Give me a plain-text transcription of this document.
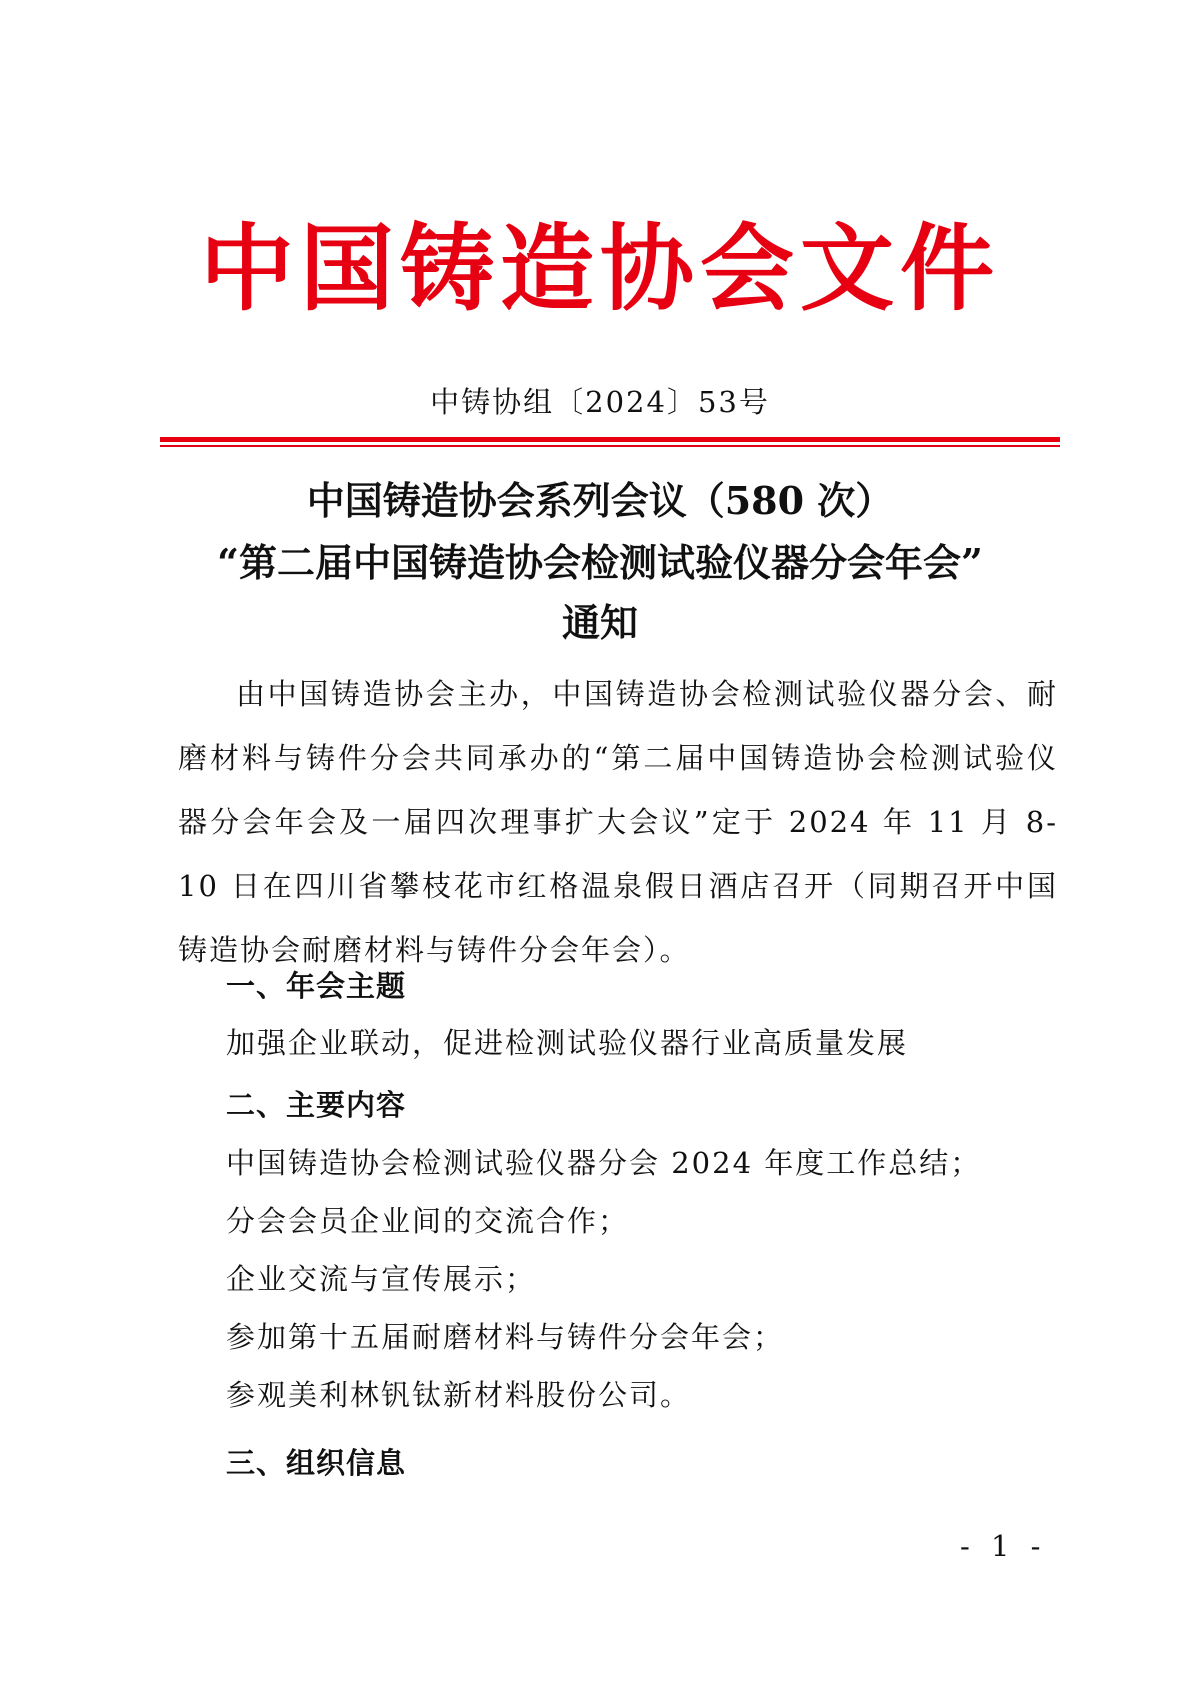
中国铸造协会文件
中铸协组〔2024〕53号
中国铸造协会系列会议（580 次）
“第二届中国铸造协会检测试验仪器分会年会”
通知

由中国铸造协会主办，中国铸造协会检测试验仪器分会、耐磨材料与铸件分会共同承办的“第二届中国铸造协会检测试验仪器分会年会及一届四次理事扩大会议”定于 2024 年 11 月 8-10 日在四川省攀枝花市红格温泉假日酒店召开（同期召开中国铸造协会耐磨材料与铸件分会年会）。

一、年会主题
加强企业联动，促进检测试验仪器行业高质量发展
二、主要内容
中国铸造协会检测试验仪器分会 2024 年度工作总结；
分会会员企业间的交流合作；
企业交流与宣传展示；
参加第十五届耐磨材料与铸件分会年会；
参观美利林钒钛新材料股份公司。
三、组织信息
- 1 -
